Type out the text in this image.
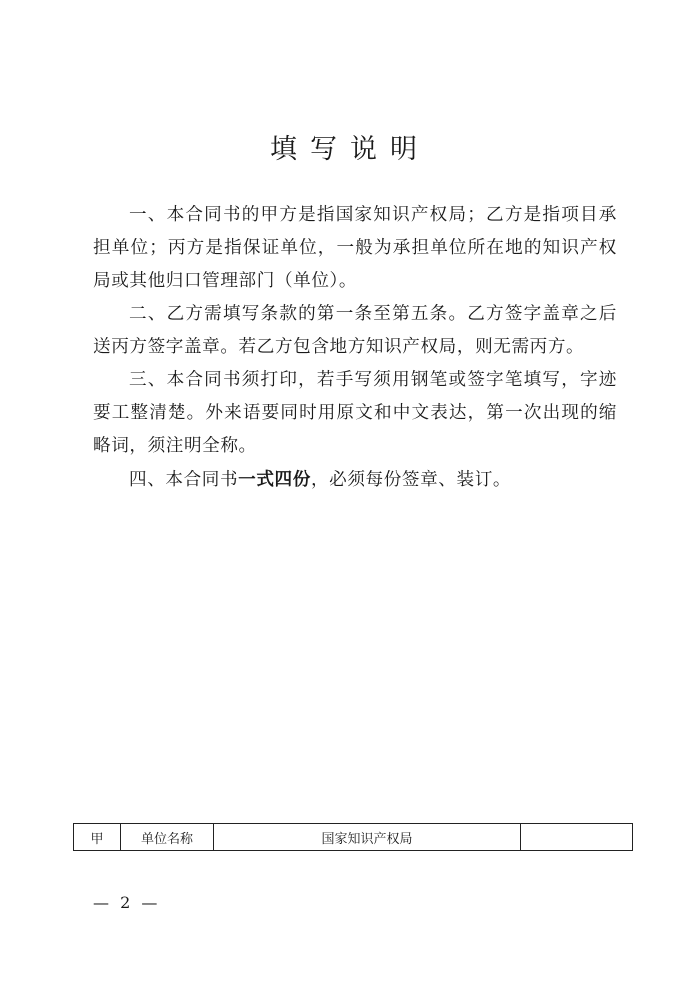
填写说明

一、本合同书的甲方是指国家知识产权局；乙方是指项目承担单位；丙方是指保证单位，一般为承担单位所在地的知识产权局或其他归口管理部门（单位）。

二、乙方需填写条款的第一条至第五条。乙方签字盖章之后送丙方签字盖章。若乙方包含地方知识产权局，则无需丙方。

三、本合同书须打印，若手写须用钢笔或签字笔填写，字迹要工整清楚。外来语要同时用原文和中文表达，第一次出现的缩略词，须注明全称。

四、本合同书一式四份，必须每份签章、装订。

甲	单位名称	国家知识产权局	
— 2 —
